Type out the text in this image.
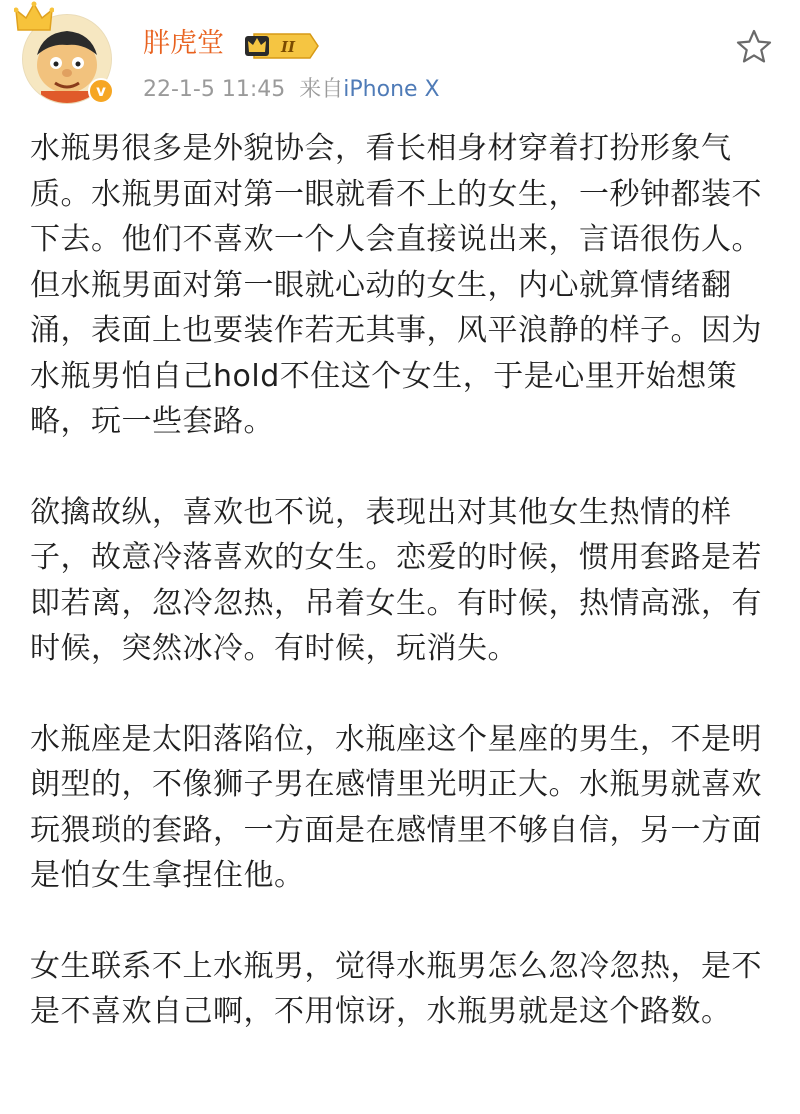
v
胖虎堂	II
22-1-5 11:45 来自iPhone X

水瓶男很多是外貌协会，看长相身材穿着打扮形象气质。水瓶男面对第一眼就看不上的女生，一秒钟都装不下去。他们不喜欢一个人会直接说出来，言语很伤人。但水瓶男面对第一眼就心动的女生，内心就算情绪翻涌，表面上也要装作若无其事，风平浪静的样子。因为水瓶男怕自己hold不住这个女生，于是心里开始想策略，玩一些套路。

欲擒故纵，喜欢也不说，表现出对其他女生热情的样子，故意冷落喜欢的女生。恋爱的时候，惯用套路是若即若离，忽冷忽热，吊着女生。有时候，热情高涨，有时候，突然冰冷。有时候，玩消失。

水瓶座是太阳落陷位，水瓶座这个星座的男生，不是明朗型的，不像狮子男在感情里光明正大。水瓶男就喜欢玩猥琐的套路，一方面是在感情里不够自信，另一方面是怕女生拿捏住他。

女生联系不上水瓶男，觉得水瓶男怎么忽冷忽热，是不是不喜欢自己啊，不用惊讶，水瓶男就是这个路数。
